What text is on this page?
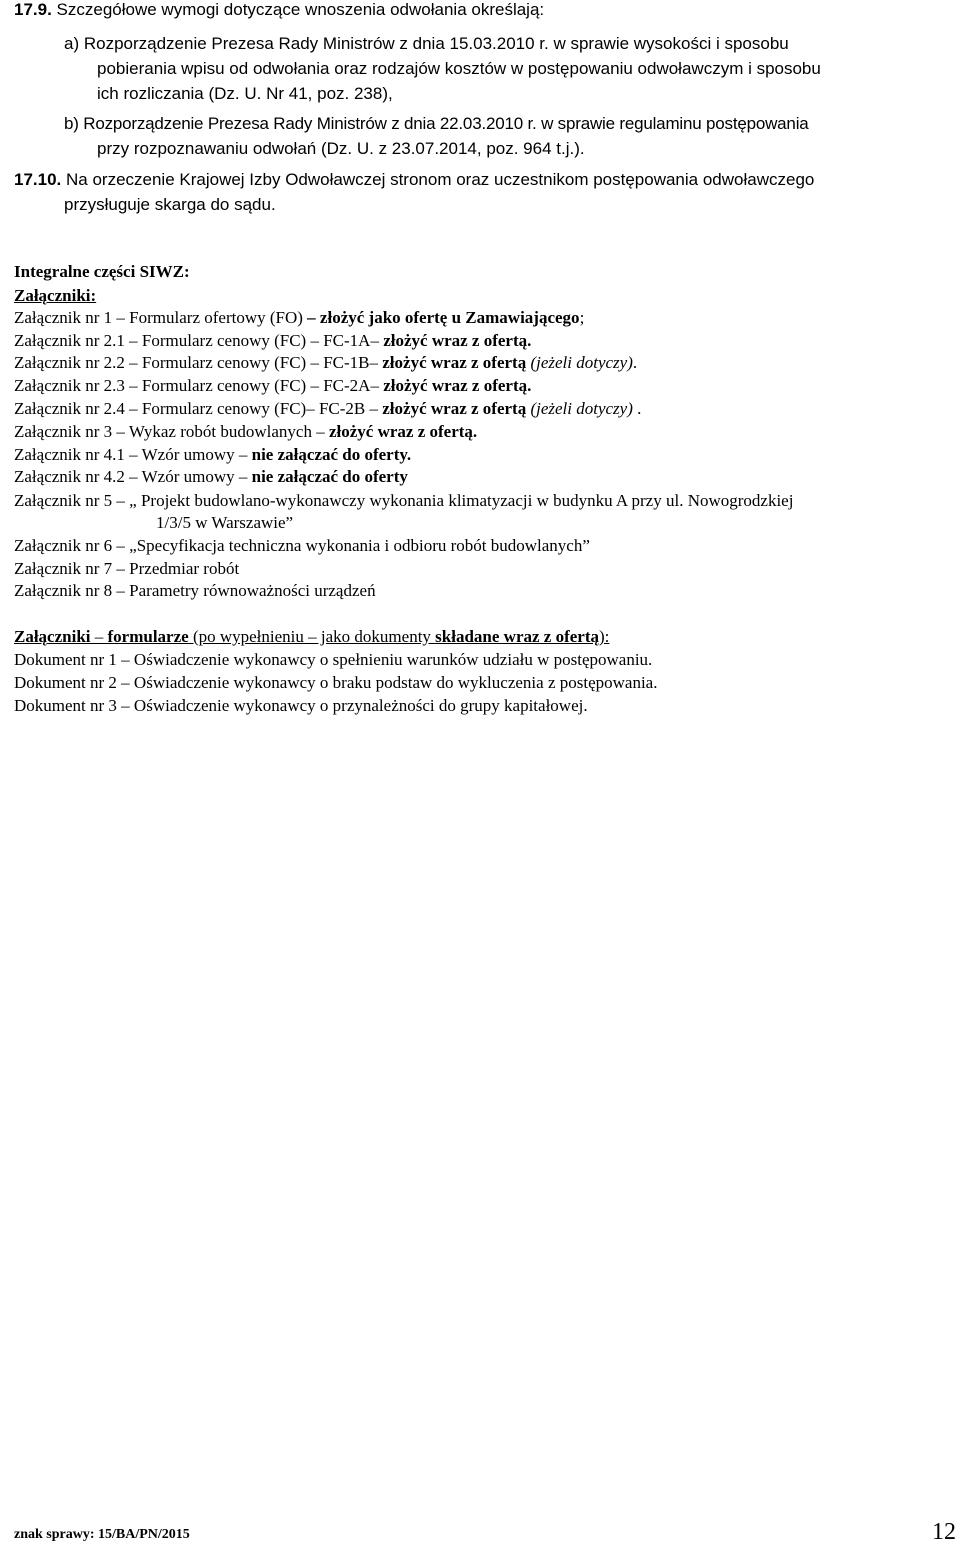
17.9. Szczegółowe wymogi dotyczące wnoszenia odwołania określają:
a) Rozporządzenie Prezesa Rady Ministrów z dnia 15.03.2010 r. w sprawie wysokości i sposobu
pobierania wpisu od odwołania oraz rodzajów kosztów w postępowaniu odwoławczym i sposobu
ich rozliczania (Dz. U. Nr 41, poz. 238),
b) Rozporządzenie Prezesa Rady Ministrów z dnia 22.03.2010 r. w sprawie regulaminu postępowania
przy rozpoznawaniu odwołań (Dz. U. z 23.07.2014, poz. 964 t.j.).
17.10. Na orzeczenie Krajowej Izby Odwoławczej stronom oraz uczestnikom postępowania odwoławczego
przysługuje skarga do sądu.
Integralne części SIWZ:
Załączniki:
Załącznik nr 1 – Formularz ofertowy (FO) – złożyć jako ofertę u Zamawiającego;
Załącznik nr 2.1 – Formularz cenowy (FC) – FC-1A– złożyć wraz z ofertą.
Załącznik nr 2.2 – Formularz cenowy (FC) – FC-1B– złożyć wraz z ofertą (jeżeli dotyczy).
Załącznik nr 2.3 – Formularz cenowy (FC) – FC-2A– złożyć wraz z ofertą.
Załącznik nr 2.4 – Formularz cenowy (FC)– FC-2B – złożyć wraz z ofertą (jeżeli dotyczy) .
Załącznik nr 3 – Wykaz robót budowlanych – złożyć wraz z ofertą.
Załącznik nr 4.1 – Wzór umowy – nie załączać do oferty.
Załącznik nr 4.2 – Wzór umowy – nie załączać do oferty
Załącznik nr 5 – „ Projekt budowlano-wykonawczy wykonania klimatyzacji w budynku A przy ul. Nowogrodzkiej
1/3/5 w Warszawie”
Załącznik nr 6 – „Specyfikacja techniczna wykonania i odbioru robót budowlanych”
Załącznik nr 7 – Przedmiar robót
Załącznik nr 8 – Parametry równoważności urządzeń
Załączniki – formularze (po wypełnieniu – jako dokumenty składane wraz z ofertą):
Dokument nr 1 – Oświadczenie wykonawcy o spełnieniu warunków udziału w postępowaniu.
Dokument nr 2 – Oświadczenie wykonawcy o braku podstaw do wykluczenia z postępowania.
Dokument nr 3 – Oświadczenie wykonawcy o przynależności do grupy kapitałowej.
znak sprawy: 15/BA/PN/2015	12
